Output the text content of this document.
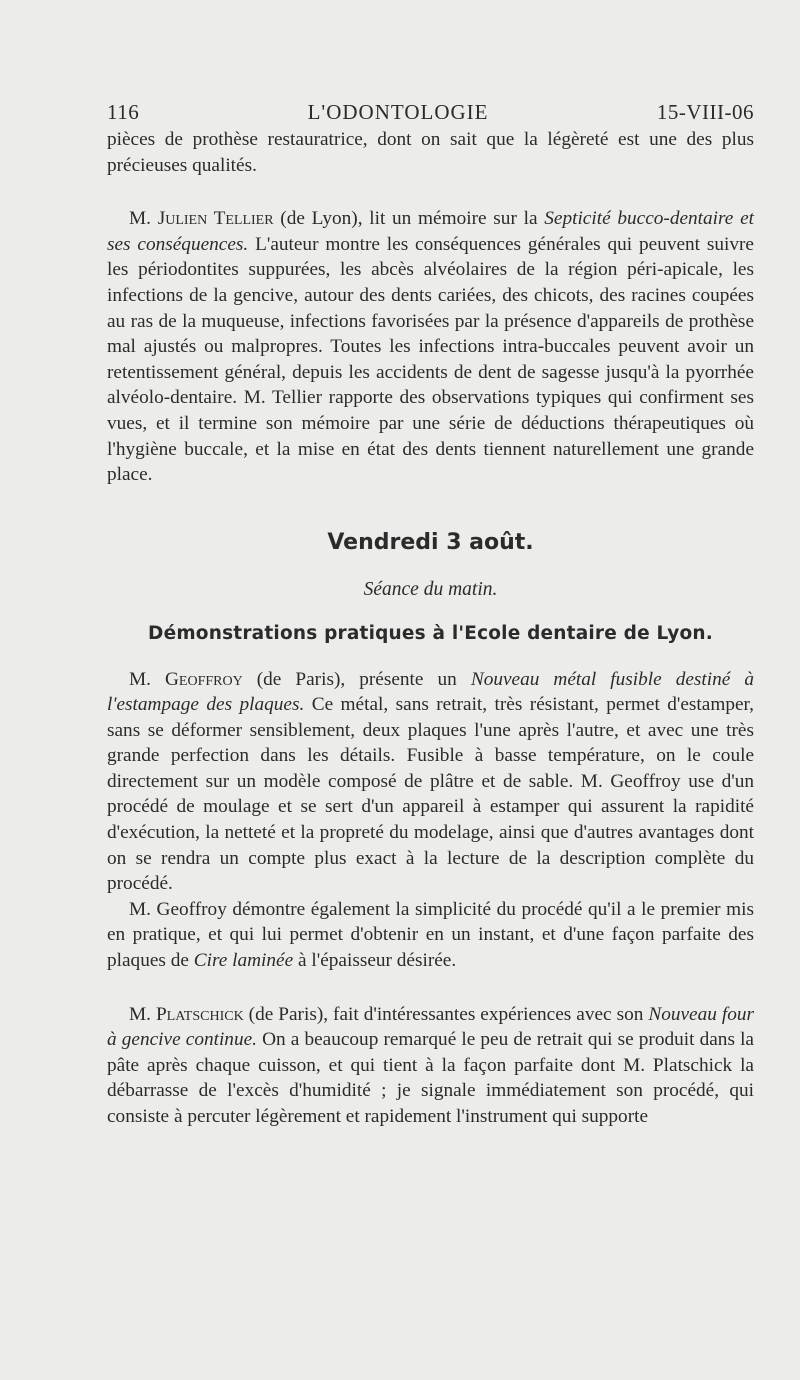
116	L'ODONTOLOGIE	15-VIII-06

pièces de prothèse restauratrice, dont on sait que la légèreté est une des plus précieuses qualités.

M. Julien Tellier (de Lyon), lit un mémoire sur la Septicité bucco-dentaire et ses conséquences. L'auteur montre les conséquences générales qui peuvent suivre les périodontites suppurées, les abcès alvéolaires de la région péri-apicale, les infections de la gencive, autour des dents cariées, des chicots, des racines coupées au ras de la muqueuse, infections favorisées par la présence d'appareils de prothèse mal ajustés ou malpropres. Toutes les infections intra-buccales peuvent avoir un retentissement général, depuis les accidents de dent de sagesse jusqu'à la pyorrhée alvéolo-dentaire. M. Tellier rapporte des observations typiques qui confirment ses vues, et il termine son mémoire par une série de déductions thérapeutiques où l'hygiène buccale, et la mise en état des dents tiennent naturellement une grande place.

Vendredi 3 août.
Séance du matin.
Démonstrations pratiques à l'Ecole dentaire de Lyon.

M. Geoffroy (de Paris), présente un Nouveau métal fusible destiné à l'estampage des plaques. Ce métal, sans retrait, très résistant, permet d'estamper, sans se déformer sensiblement, deux plaques l'une après l'autre, et avec une très grande perfection dans les détails. Fusible à basse température, on le coule directement sur un modèle composé de plâtre et de sable. M. Geoffroy use d'un procédé de moulage et se sert d'un appareil à estamper qui assurent la rapidité d'exécution, la netteté et la propreté du modelage, ainsi que d'autres avantages dont on se rendra un compte plus exact à la lecture de la description complète du procédé.

M. Geoffroy démontre également la simplicité du procédé qu'il a le premier mis en pratique, et qui lui permet d'obtenir en un instant, et d'une façon parfaite des plaques de Cire laminée à l'épaisseur désirée.

M. Platschick (de Paris), fait d'intéressantes expériences avec son Nouveau four à gencive continue. On a beaucoup remarqué le peu de retrait qui se produit dans la pâte après chaque cuisson, et qui tient à la façon parfaite dont M. Platschick la débarrasse de l'excès d'humidité ; je signale immédiatement son procédé, qui consiste à percuter légèrement et rapidement l'instrument qui supporte
